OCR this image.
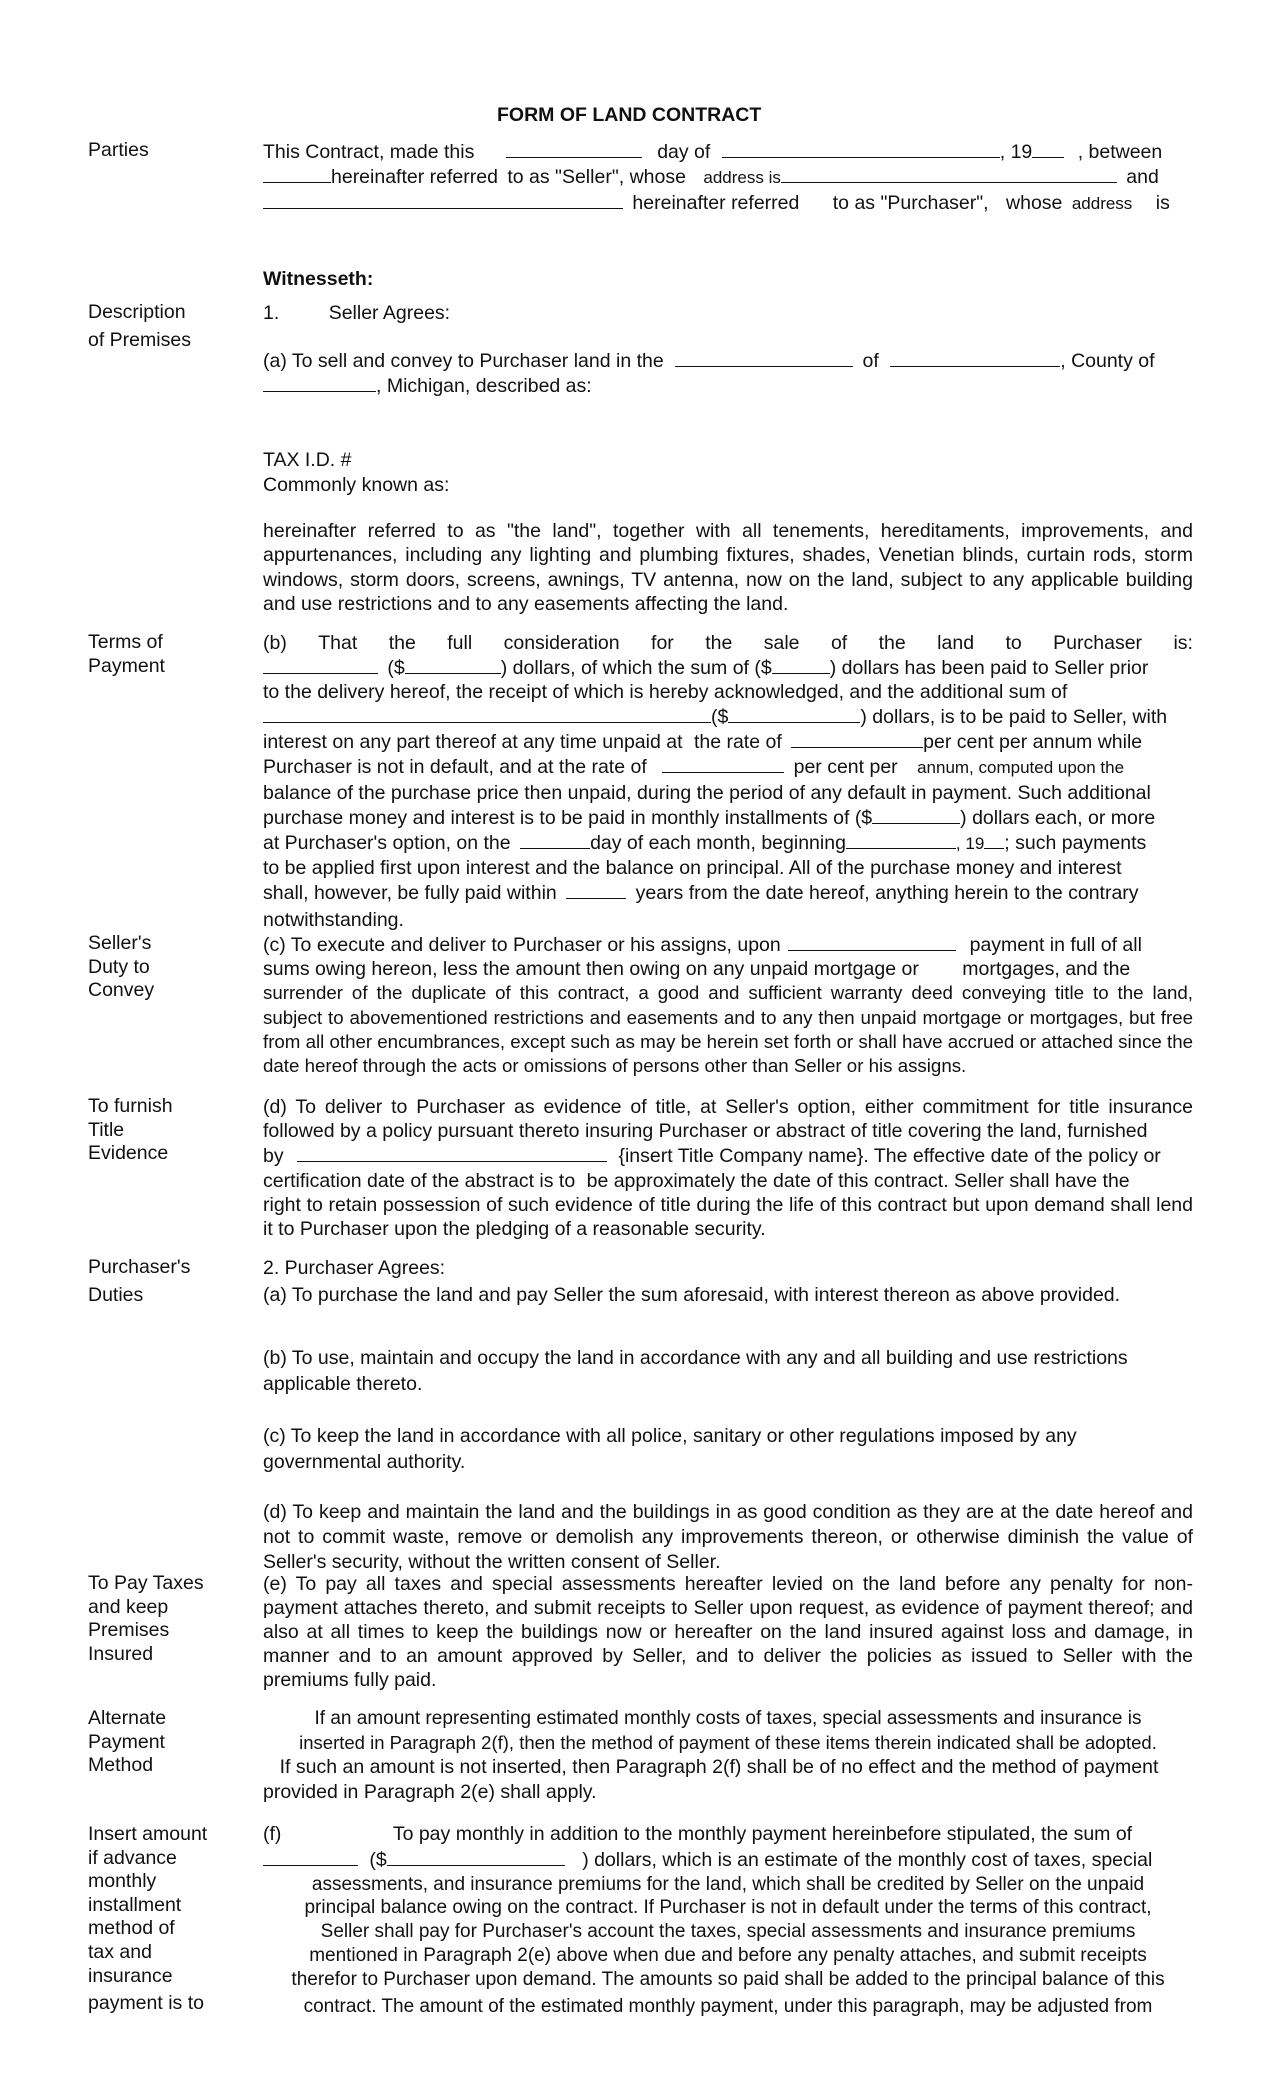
FORM OF LAND CONTRACT
Parties
Description
of Premises
Terms of
Payment
Seller's
Duty to
Convey
To furnish
Title
Evidence
Purchaser's
Duties
To Pay Taxes
and keep
Premises
Insured
Alternate
Payment
Method
Insert amount
if advance
monthly
installment
method of
tax and
insurance
payment is to
This Contract, made this	day of	, 19 , between
hereinafter referred to as "Seller", whose address is	and
hereinafter referred to as "Purchaser", whose address is
Witnesseth:
1.	Seller Agrees:
(a) To sell and convey to Purchaser land in the	of	, County of
, Michigan, described as:
TAX I.D. #
Commonly known as:
hereinafter referred to as "the land", together with all tenements, hereditaments, improvements, and appurtenances, including any lighting and plumbing fixtures, shades, Venetian blinds, curtain rods, storm windows, storm doors, screens, awnings, TV antenna, now on the land, subject to any applicable building and use restrictions and to any easements affecting the land.
(b) That the full consideration for the sale of the land to Purchaser is:
($	) dollars, of which the sum of ($	) dollars has been paid to Seller prior
to the delivery hereof, the receipt of which is hereby acknowledged, and the additional sum of
($	) dollars, is to be paid to Seller, with
interest on any part thereof at any time unpaid at the rate of	per cent per annum while
Purchaser is not in default, and at the rate of	per cent per annum, computed upon the
balance of the purchase price then unpaid, during the period of any default in payment. Such additional
purchase money and interest is to be paid in monthly installments of ($	) dollars each, or more
at Purchaser's option, on the	day of each month, beginning	, 19 ; such payments
to be applied first upon interest and the balance on principal. All of the purchase money and interest
shall, however, be fully paid within	years from the date hereof, anything herein to the contrary
notwithstanding.
(c) To execute and deliver to Purchaser or his assigns, upon	payment in full of all
sums owing hereon, less the amount then owing on any unpaid mortgage or mortgages, and the
surrender of the duplicate of this contract, a good and sufficient warranty deed conveying title to the land, subject to abovementioned restrictions and easements and to any then unpaid mortgage or mortgages, but free from all other encumbrances, except such as may be herein set forth or shall have accrued or attached since the date hereof through the acts or omissions of persons other than Seller or his assigns.
(d) To deliver to Purchaser as evidence of title, at Seller's option, either commitment for title insurance followed by a policy pursuant thereto insuring Purchaser or abstract of title covering the land, furnished
by	{insert Title Company name}. The effective date of the policy or
certification date of the abstract is to be approximately the date of this contract. Seller shall have the
right to retain possession of such evidence of title during the life of this contract but upon demand shall lend it to Purchaser upon the pledging of a reasonable security.
2. Purchaser Agrees:
(a) To purchase the land and pay Seller the sum aforesaid, with interest thereon as above provided.
(b) To use, maintain and occupy the land in accordance with any and all building and use restrictions applicable thereto.
(c) To keep the land in accordance with all police, sanitary or other regulations imposed by any governmental authority.
(d) To keep and maintain the land and the buildings in as good condition as they are at the date hereof and not to commit waste, remove or demolish any improvements thereon, or otherwise diminish the value of Seller's security, without the written consent of Seller.
(e) To pay all taxes and special assessments hereafter levied on the land before any penalty for non-payment attaches thereto, and submit receipts to Seller upon request, as evidence of payment thereof; and also at all times to keep the buildings now or hereafter on the land insured against loss and damage, in manner and to an amount approved by Seller, and to deliver the policies as issued to Seller with the premiums fully paid.
If an amount representing estimated monthly costs of taxes, special assessments and insurance is
inserted in Paragraph 2(f), then the method of payment of these items therein indicated shall be adopted.
If such an amount is not inserted, then Paragraph 2(f) shall be of no effect and the method of payment
provided in Paragraph 2(e) shall apply.
(f)	To pay monthly in addition to the monthly payment hereinbefore stipulated, the sum of
($	) dollars, which is an estimate of the monthly cost of taxes, special
assessments, and insurance premiums for the land, which shall be credited by Seller on the unpaid
principal balance owing on the contract. If Purchaser is not in default under the terms of this contract,
Seller shall pay for Purchaser's account the taxes, special assessments and insurance premiums
mentioned in Paragraph 2(e) above when due and before any penalty attaches, and submit receipts
therefor to Purchaser upon demand. The amounts so paid shall be added to the principal balance of this
contract. The amount of the estimated monthly payment, under this paragraph, may be adjusted from
